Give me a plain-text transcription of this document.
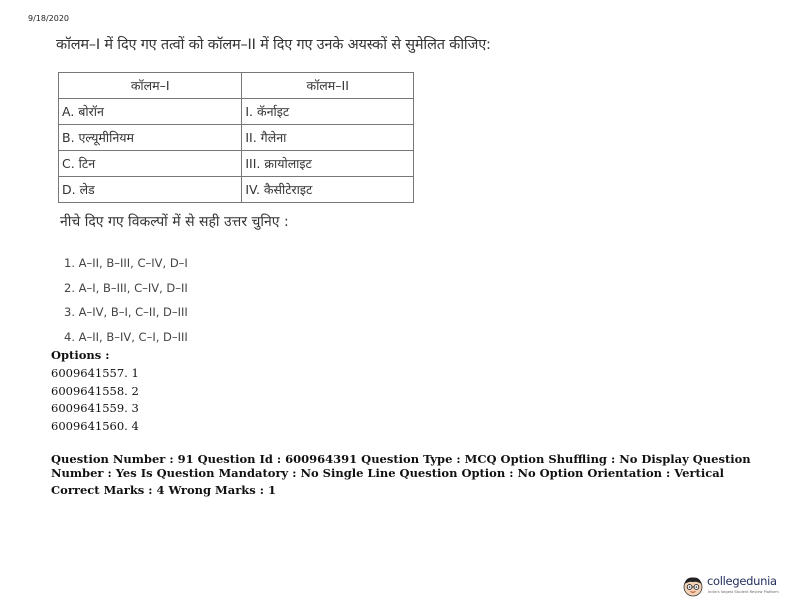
9/18/2020
कॉलम–I में दिए गए तत्वों को कॉलम–II में दिए गए उनके अयस्कों से सुमेलित कीजिए:
कॉलम–I	कॉलम–II
A. बोरॉन	I. कॅर्नाइट
B. एल्यूमीनियम	II. गैलेना
C. टिन	III. क्रायोलाइट
D. लेड	IV. कैसीटेराइट
नीचे दिए गए विकल्पों में से सही उत्तर चुनिए :
1. A–II, B–III, C–IV, D–I
2. A–I, B–III, C–IV, D–II
3. A–IV, B–I, C–II, D–III
4. A–II, B–IV, C–I, D–III
Options :
6009641557. 1
6009641558. 2
6009641559. 3
6009641560. 4
Question Number : 91 Question Id : 600964391 Question Type : MCQ Option Shuffling : No Display Question Number : Yes Is Question Mandatory : No Single Line Question Option : No Option Orientation : Vertical
Correct Marks : 4 Wrong Marks : 1
collegedunia
India's largest Student Review Platform
